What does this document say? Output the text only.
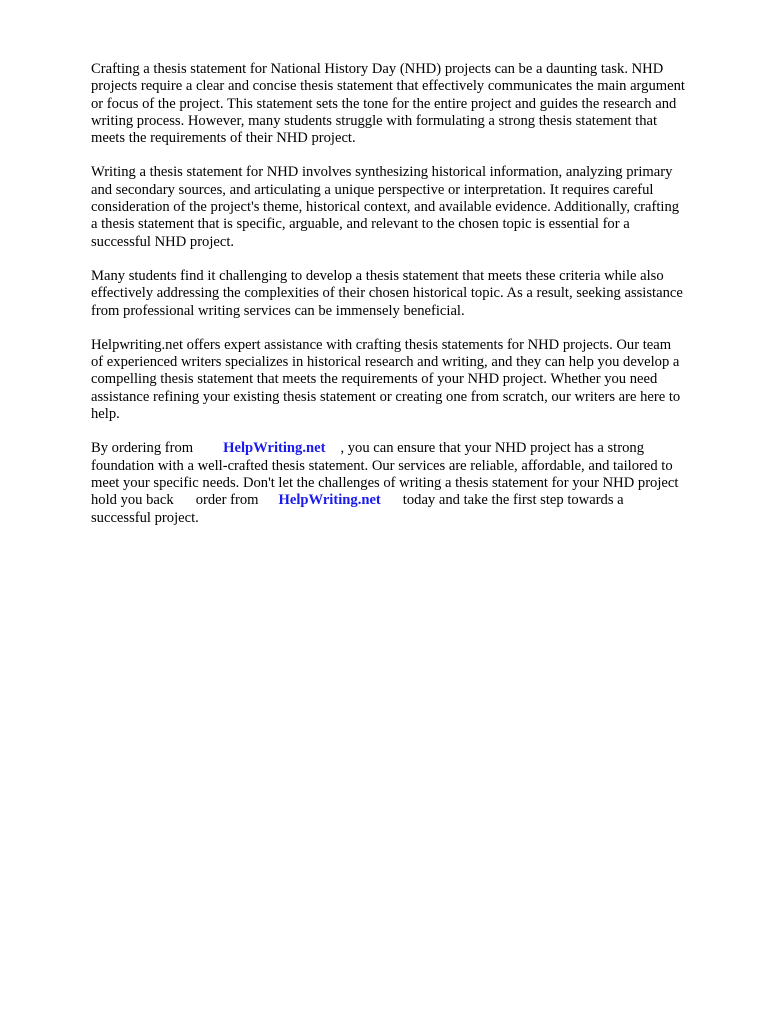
Crafting a thesis statement for National History Day (NHD) projects can be a daunting task. NHD
projects require a clear and concise thesis statement that effectively communicates the main argument
or focus of the project. This statement sets the tone for the entire project and guides the research and
writing process. However, many students struggle with formulating a strong thesis statement that
meets the requirements of their NHD project.

Writing a thesis statement for NHD involves synthesizing historical information, analyzing primary
and secondary sources, and articulating a unique perspective or interpretation. It requires careful
consideration of the project's theme, historical context, and available evidence. Additionally, crafting
a thesis statement that is specific, arguable, and relevant to the chosen topic is essential for a
successful NHD project.

Many students find it challenging to develop a thesis statement that meets these criteria while also
effectively addressing the complexities of their chosen historical topic. As a result, seeking assistance
from professional writing services can be immensely beneficial.

Helpwriting.net offers expert assistance with crafting thesis statements for NHD projects. Our team
of experienced writers specializes in historical research and writing, and they can help you develop a
compelling thesis statement that meets the requirements of your NHD project. Whether you need
assistance refining your existing thesis statement or creating one from scratch, our writers are here to
help.

By ordering from HelpWriting.net , you can ensure that your NHD project has a strong
foundation with a well-crafted thesis statement. Our services are reliable, affordable, and tailored to
meet your specific needs. Don't let the challenges of writing a thesis statement for your NHD project
hold you back order from HelpWriting.net today and take the first step towards a
successful project.
